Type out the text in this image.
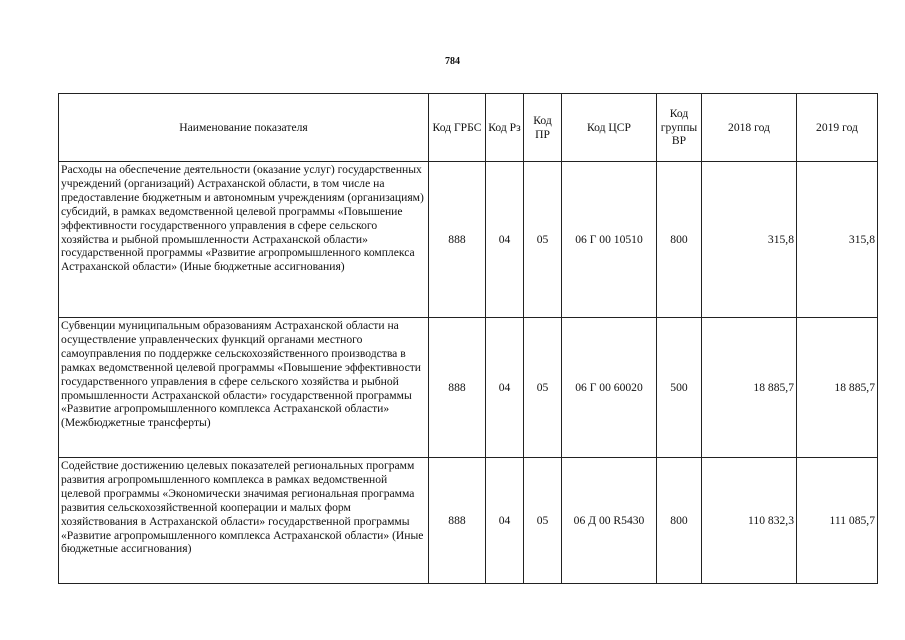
784
Наименование показателя	Код ГРБС	Код Рз	Код ПР	Код ЦСР	Код группы ВР	2018 год	2019 год
Расходы на обеспечение деятельности (оказание услуг) государственных учреждений (организаций) Астраханской области, в том числе на предоставление бюджетным и автономным учреждениям (организациям) субсидий, в рамках ведомственной целевой программы «Повышение эффективности государственного управления в сфере сельского хозяйства и рыбной промышленности Астраханской области» государственной программы «Развитие агропромышленного комплекса Астраханской области» (Иные бюджетные ассигнования)	888	04	05	06 Г 00 10510	800	315,8	315,8
Субвенции муниципальным образованиям Астраханской области на осуществление управленческих функций органами местного самоуправления по поддержке сельскохозяйственного производства в рамках ведомственной целевой программы «Повышение эффективности государственного управления в сфере сельского хозяйства и рыбной промышленности Астраханской области» государственной программы «Развитие агропромышленного комплекса Астраханской области» (Межбюджетные трансферты)	888	04	05	06 Г 00 60020	500	18 885,7	18 885,7
Содействие достижению целевых показателей региональных программ развития агропромышленного комплекса в рамках ведомственной целевой программы «Экономически значимая региональная программа развития сельскохозяйственной кооперации и малых форм хозяйствования в Астраханской области» государственной программы «Развитие агропромышленного комплекса Астраханской области» (Иные бюджетные ассигнования)	888	04	05	06 Д 00 R5430	800	110 832,3	111 085,7
